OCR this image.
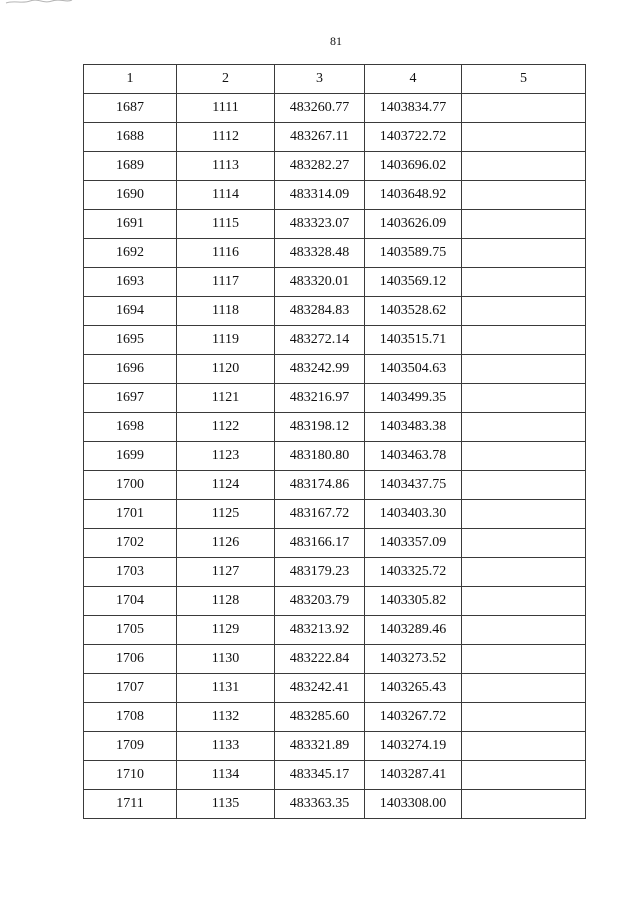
81
1	2	3	4	5
1687	1111	483260.77	1403834.77	
1688	1112	483267.11	1403722.72	
1689	1113	483282.27	1403696.02	
1690	1114	483314.09	1403648.92	
1691	1115	483323.07	1403626.09	
1692	1116	483328.48	1403589.75	
1693	1117	483320.01	1403569.12	
1694	1118	483284.83	1403528.62	
1695	1119	483272.14	1403515.71	
1696	1120	483242.99	1403504.63	
1697	1121	483216.97	1403499.35	
1698	1122	483198.12	1403483.38	
1699	1123	483180.80	1403463.78	
1700	1124	483174.86	1403437.75	
1701	1125	483167.72	1403403.30	
1702	1126	483166.17	1403357.09	
1703	1127	483179.23	1403325.72	
1704	1128	483203.79	1403305.82	
1705	1129	483213.92	1403289.46	
1706	1130	483222.84	1403273.52	
1707	1131	483242.41	1403265.43	
1708	1132	483285.60	1403267.72	
1709	1133	483321.89	1403274.19	
1710	1134	483345.17	1403287.41	
1711	1135	483363.35	1403308.00	
